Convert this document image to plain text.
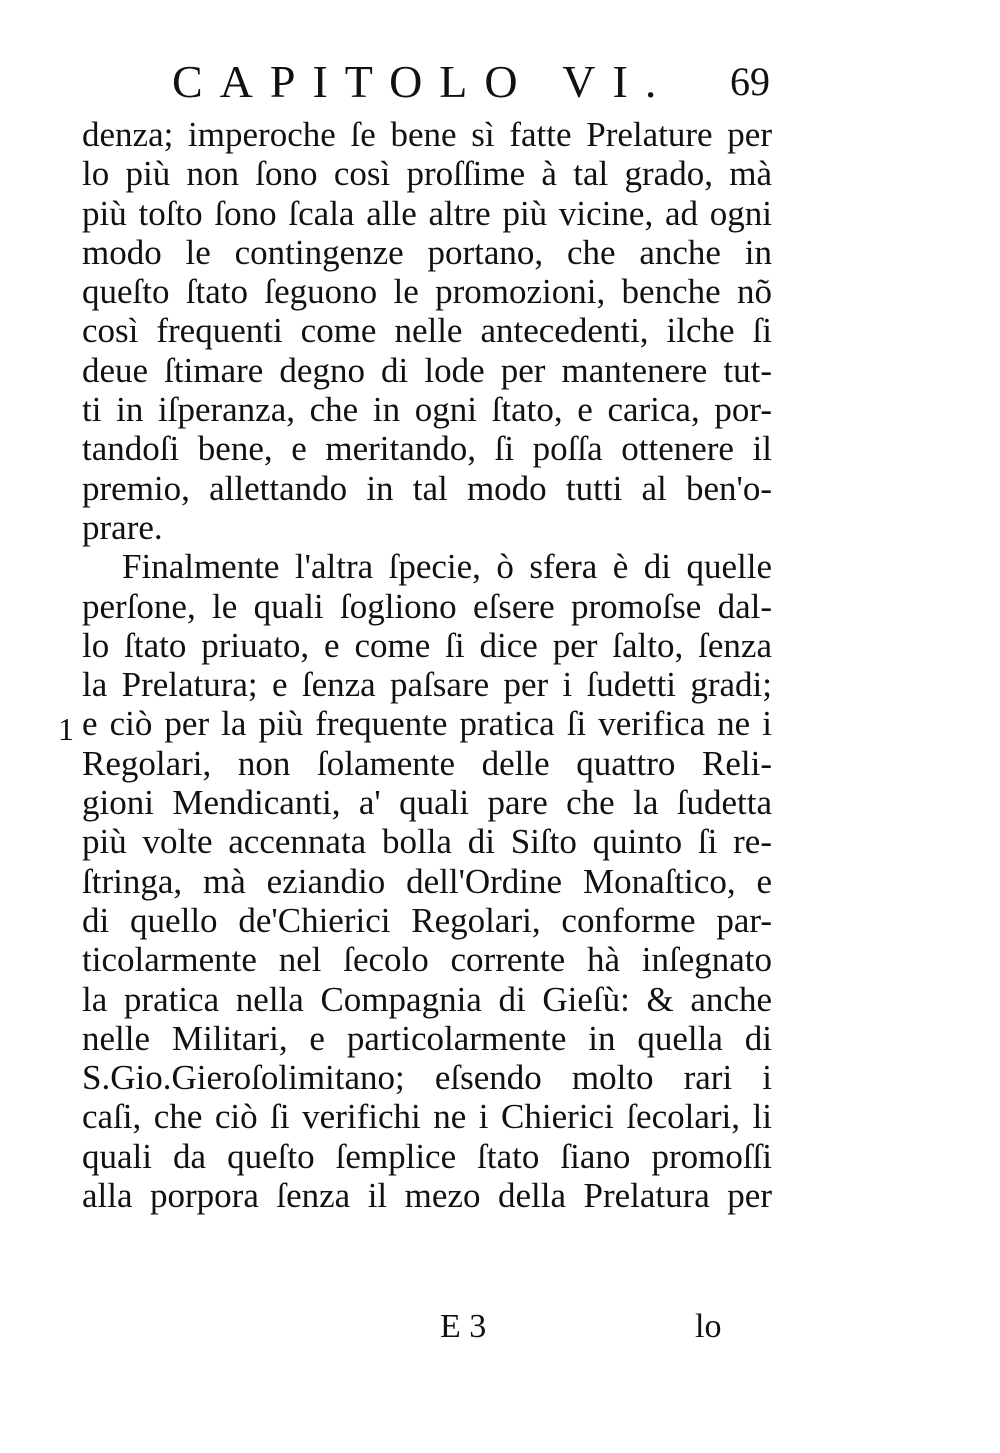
CAPITOLO VI. 69
1
denza; imperoche ſe bene sì fatte Prelature per
lo più non ſono così proſſime à tal grado, mà
più toſto ſono ſcala alle altre più vicine, ad ogni
modo le contingenze portano, che anche in
queſto ſtato ſeguono le promozioni, benche nõ
così frequenti come nelle antecedenti, ilche ſi
deue ſtimare degno di lode per mantenere tut-
ti in iſperanza, che in ogni ſtato, e carica, por-
tandoſi bene, e meritando, ſi poſſa ottenere il
premio, allettando in tal modo tutti al ben'o-
prare.
Finalmente l'altra ſpecie, ò sfera è di quelle
perſone, le quali ſogliono eſsere promoſse dal-
lo ſtato priuato, e come ſi dice per ſalto, ſenza
la Prelatura; e ſenza paſsare per i ſudetti gradi;
e ciò per la più frequente pratica ſi verifica ne i
Regolari, non ſolamente delle quattro Reli-
gioni Mendicanti, a' quali pare che la ſudetta
più volte accennata bolla di Siſto quinto ſi re-
ſtringa, mà eziandio dell'Ordine Monaſtico, e
di quello de'Chierici Regolari, conforme par-
ticolarmente nel ſecolo corrente hà inſegnato
la pratica nella Compagnia di Gieſù: & anche
nelle Militari, e particolarmente in quella di
S.Gio.Gieroſolimitano; eſsendo molto rari i
caſi, che ciò ſi verifichi ne i Chierici ſecolari, li
quali da queſto ſemplice ſtato ſiano promoſſi
alla porpora ſenza il mezo della Prelatura per
E 3	lo
